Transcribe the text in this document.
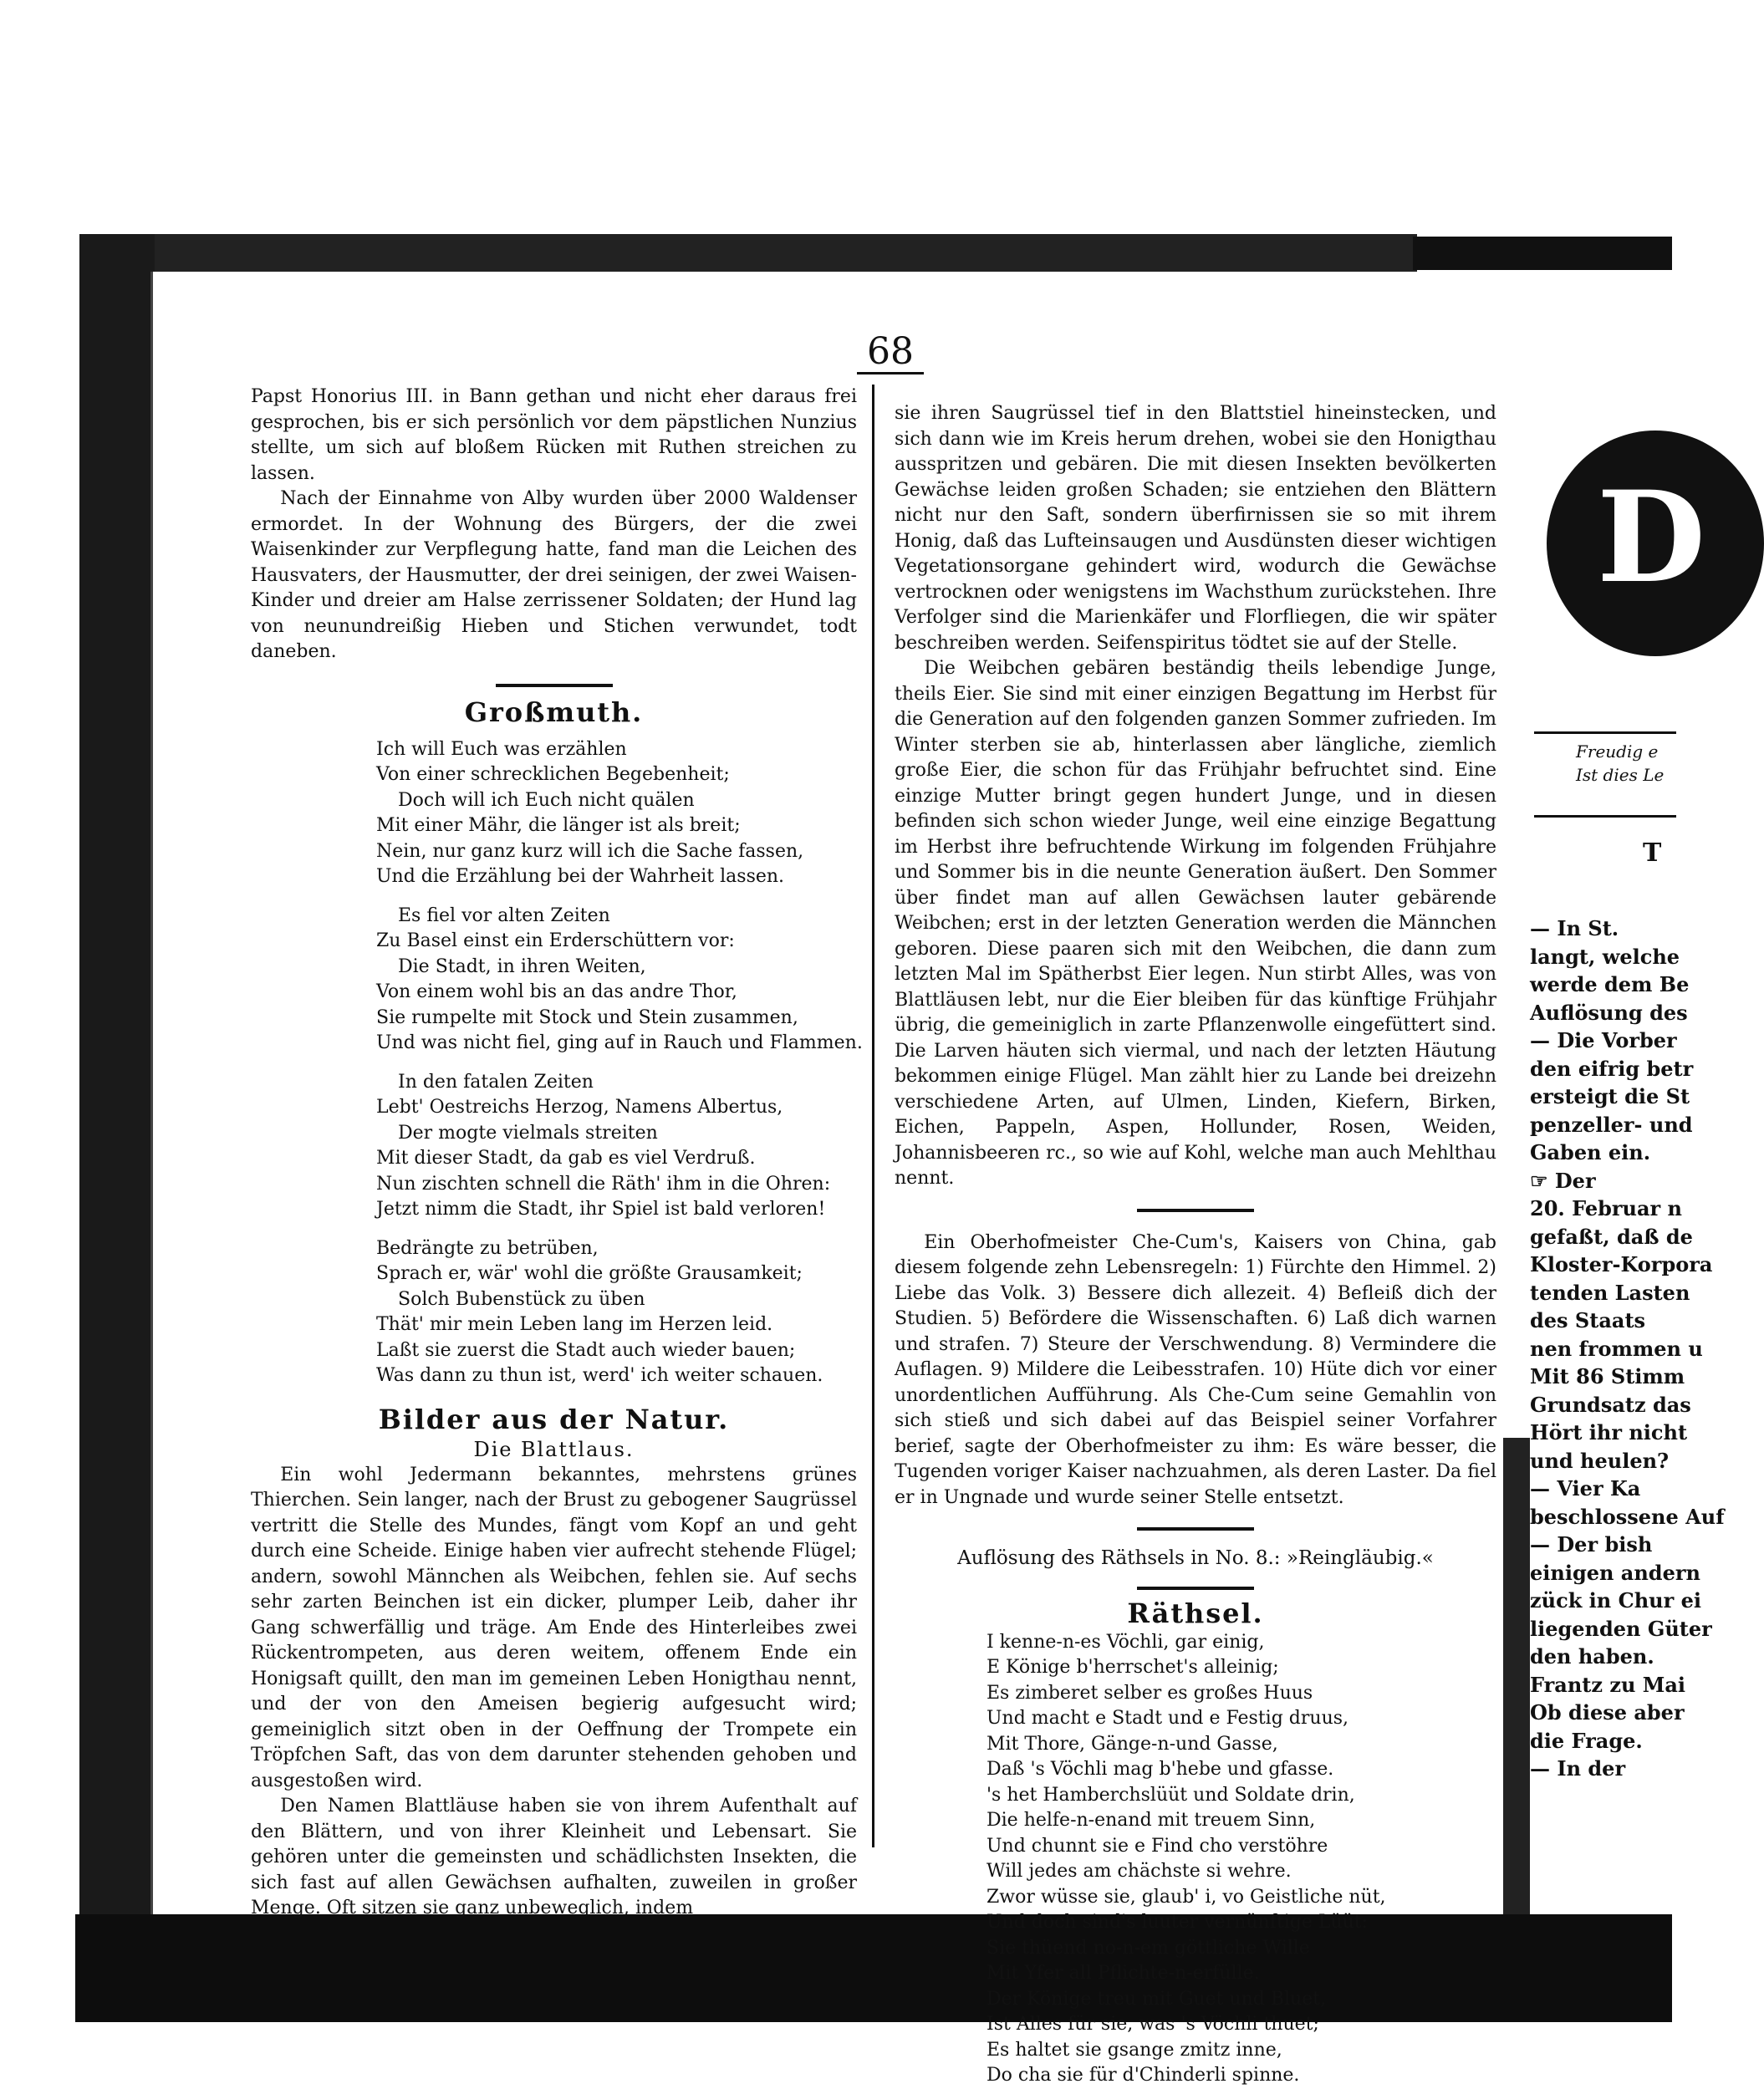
68

Papst Honorius III. in Bann gethan und nicht eher daraus frei gesprochen, bis er sich persönlich vor dem päpstlichen Nunzius stellte, um sich auf bloßem Rücken mit Ruthen streichen zu lassen.

Nach der Einnahme von Alby wurden über 2000 Waldenser ermordet. In der Wohnung des Bürgers, der die zwei Waisenkinder zur Verpflegung hatte, fand man die Leichen des Hausvaters, der Hausmutter, der drei seinigen, der zwei Waisen-Kinder und dreier am Halse zerrissener Soldaten; der Hund lag von neunundreißig Hieben und Stichen verwundet, todt daneben.

Großmuth.
Ich will Euch was erzählen
Von einer schrecklichen Begebenheit;
Doch will ich Euch nicht quälen
Mit einer Mähr, die länger ist als breit;
Nein, nur ganz kurz will ich die Sache fassen,
Und die Erzählung bei der Wahrheit lassen.
Es fiel vor alten Zeiten
Zu Basel einst ein Erderschüttern vor:
Die Stadt, in ihren Weiten,
Von einem wohl bis an das andre Thor,
Sie rumpelte mit Stock und Stein zusammen,
Und was nicht fiel, ging auf in Rauch und Flammen.
In den fatalen Zeiten
Lebt' Oestreichs Herzog, Namens Albertus,
Der mogte vielmals streiten
Mit dieser Stadt, da gab es viel Verdruß.
Nun zischten schnell die Räth' ihm in die Ohren:
Jetzt nimm die Stadt, ihr Spiel ist bald verloren!
Bedrängte zu betrüben,
Sprach er, wär' wohl die größte Grausamkeit;
Solch Bubenstück zu üben
Thät' mir mein Leben lang im Herzen leid.
Laßt sie zuerst die Stadt auch wieder bauen;
Was dann zu thun ist, werd' ich weiter schauen.
Bilder aus der Natur.
Die Blattlaus.

Ein wohl Jedermann bekanntes, mehrstens grünes Thierchen. Sein langer, nach der Brust zu gebogener Saugrüssel vertritt die Stelle des Mundes, fängt vom Kopf an und geht durch eine Scheide. Einige haben vier aufrecht stehende Flügel; andern, sowohl Männchen als Weibchen, fehlen sie. Auf sechs sehr zarten Beinchen ist ein dicker, plumper Leib, daher ihr Gang schwerfällig und träge. Am Ende des Hinterleibes zwei Rückentrompeten, aus deren weitem, offenem Ende ein Honigsaft quillt, den man im gemeinen Leben Honigthau nennt, und der von den Ameisen begierig aufgesucht wird; gemeiniglich sitzt oben in der Oeffnung der Trompete ein Tröpfchen Saft, das von dem darunter stehenden gehoben und ausgestoßen wird.

Den Namen Blattläuse haben sie von ihrem Aufenthalt auf den Blättern, und von ihrer Kleinheit und Lebensart. Sie gehören unter die gemeinsten und schädlichsten Insekten, die sich fast auf allen Gewächsen aufhalten, zuweilen in großer Menge. Oft sitzen sie ganz unbeweglich, indem

sie ihren Saugrüssel tief in den Blattstiel hineinstecken, und sich dann wie im Kreis herum drehen, wobei sie den Honigthau ausspritzen und gebären. Die mit diesen Insekten bevölkerten Gewächse leiden großen Schaden; sie entziehen den Blättern nicht nur den Saft, sondern überfirnissen sie so mit ihrem Honig, daß das Lufteinsaugen und Ausdünsten dieser wichtigen Vegetationsorgane gehindert wird, wodurch die Gewächse vertrocknen oder wenigstens im Wachsthum zurückstehen. Ihre Verfolger sind die Marienkäfer und Florfliegen, die wir später beschreiben werden. Seifenspiritus tödtet sie auf der Stelle.

Die Weibchen gebären beständig theils lebendige Junge, theils Eier. Sie sind mit einer einzigen Begattung im Herbst für die Generation auf den folgenden ganzen Sommer zufrieden. Im Winter sterben sie ab, hinterlassen aber längliche, ziemlich große Eier, die schon für das Frühjahr befruchtet sind. Eine einzige Mutter bringt gegen hundert Junge, und in diesen befinden sich schon wieder Junge, weil eine einzige Begattung im Herbst ihre befruchtende Wirkung im folgenden Frühjahre und Sommer bis in die neunte Generation äußert. Den Sommer über findet man auf allen Gewächsen lauter gebärende Weibchen; erst in der letzten Generation werden die Männchen geboren. Diese paaren sich mit den Weibchen, die dann zum letzten Mal im Spätherbst Eier legen. Nun stirbt Alles, was von Blattläusen lebt, nur die Eier bleiben für das künftige Frühjahr übrig, die gemeiniglich in zarte Pflanzenwolle eingefüttert sind. Die Larven häuten sich viermal, und nach der letzten Häutung bekommen einige Flügel. Man zählt hier zu Lande bei dreizehn verschiedene Arten, auf Ulmen, Linden, Kiefern, Birken, Eichen, Pappeln, Aspen, Hollunder, Rosen, Weiden, Johannisbeeren rc., so wie auf Kohl, welche man auch Mehlthau nennt.

Ein Oberhofmeister Che-Cum's, Kaisers von China, gab diesem folgende zehn Lebensregeln: 1) Fürchte den Himmel. 2) Liebe das Volk. 3) Bessere dich allezeit. 4) Befleiß dich der Studien. 5) Befördere die Wissenschaften. 6) Laß dich warnen und strafen. 7) Steure der Verschwendung. 8) Vermindere die Auflagen. 9) Mildere die Leibesstrafen. 10) Hüte dich vor einer unordentlichen Aufführung. Als Che-Cum seine Gemahlin von sich stieß und sich dabei auf das Beispiel seiner Vorfahrer berief, sagte der Oberhofmeister zu ihm: Es wäre besser, die Tugenden voriger Kaiser nachzuahmen, als deren Laster. Da fiel er in Ungnade und wurde seiner Stelle entsetzt.

Auflösung des Räthsels in No. 8.: »Reingläubig.«

Räthsel.
I kenne-n-es Vöchli, gar einig,
E Könige b'herrschet's alleinig;
Es zimberet selber es großes Huus
Und macht e Stadt und e Festig druus,
Mit Thore, Gänge-n-und Gasse,
Daß 's Vöchli mag b'hebe und gfasse.
's het Hamberchslüüt und Soldate drin,
Die helfe-n-enand mit treuem Sinn,
Und chunnt sie e Find cho verstöhre
Will jedes am chächste si wehre.
Zwor wüsse sie, glaub' i, vo Geistliche nüt,
Und doch sind's luuter vernünftige Lüüt:
Sie thüend no-n-em göttliche Wille
Mit Yfer all Pflichte-n-erfülle.
Der Könige treu mit Guet und Bluet,
Ist Alles für sie, was 's Vöchli thuet;
Es haltet sie gsange zmitz inne,
Do cha sie für d'Chinderli spinne.
D
Freudig e
Ist dies Le
T
— In St.
langt, welche
werde dem Be
Auflösung des
— Die Vorber
den eifrig betr
ersteigt die St
penzeller- und
Gaben ein.
☞ Der
20. Februar n
gefaßt, daß de
Kloster-Korpora
tenden Lasten
des Staats
nen frommen u
Mit 86 Stimm
Grundsatz das
Hört ihr nicht
und heulen?
— Vier Ka
beschlossene Auf
— Der bish
einigen andern
zück in Chur ei
liegenden Güter
den haben.
Frantz zu Mai
Ob diese aber
die Frage.
— In der
